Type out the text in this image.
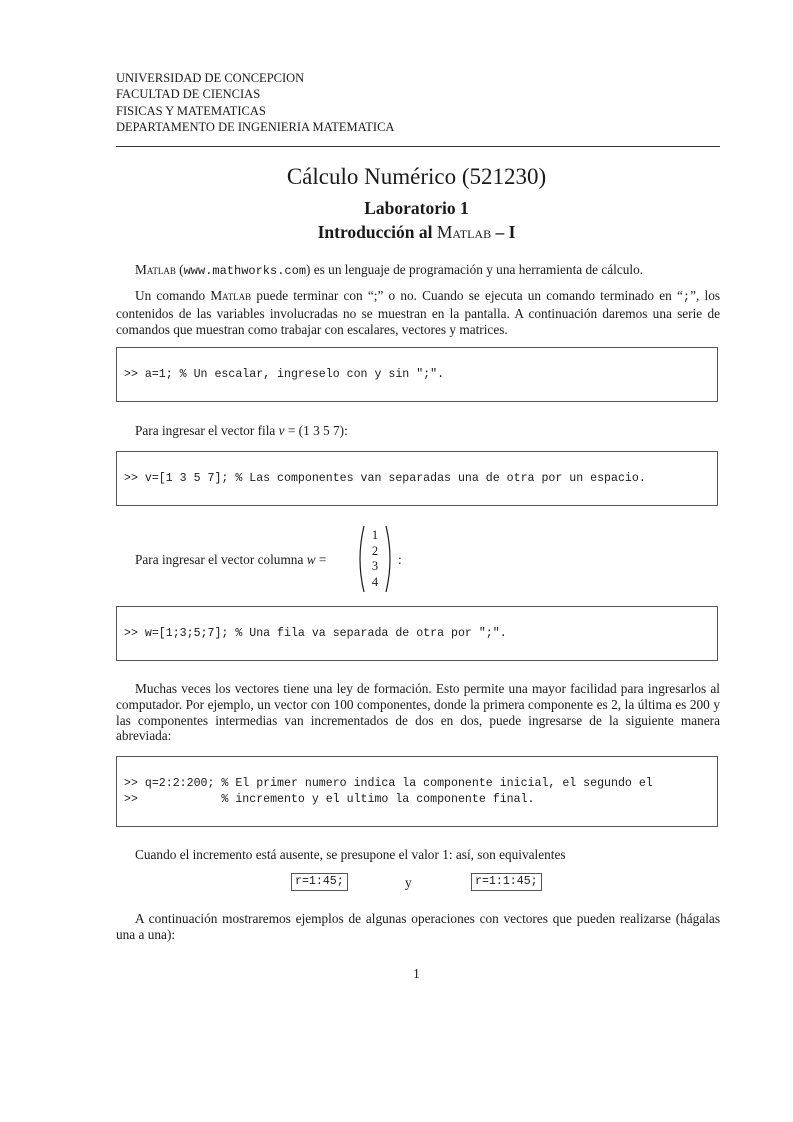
UNIVERSIDAD DE CONCEPCION
FACULTAD DE CIENCIAS
FISICAS Y MATEMATICAS
DEPARTAMENTO DE INGENIERIA MATEMATICA
Cálculo Numérico (521230)
Laboratorio 1
Introducción al Matlab – I
Matlab (www.mathworks.com) es un lenguaje de programación y una herramienta de cálculo.
Un comando Matlab puede terminar con “;” o no. Cuando se ejecuta un comando terminado en “;”, los contenidos de las variables involucradas no se muestran en la pantalla. A continuación daremos una serie de comandos que muestran como trabajar con escalares, vectores y matrices.
>> a=1; % Un escalar, ingreselo con y sin ";".
Para ingresar el vector fila v = (1 3 5 7):
>> v=[1 3 5 7]; % Las componentes van separadas una de otra por un espacio.
Para ingresar el vector columna w =
1
2
3
4
:
>> w=[1;3;5;7]; % Una fila va separada de otra por ";".
Muchas veces los vectores tiene una ley de formación. Esto permite una mayor facilidad para ingresarlos al computador. Por ejemplo, un vector con 100 componentes, donde la primera componente es 2, la última es 200 y las componentes intermedias van incrementados de dos en dos, puede ingresarse de la siguiente manera abreviada:
>> q=2:2:200; % El primer numero indica la componente inicial, el segundo el
>>            % incremento y el ultimo la componente final.
Cuando el incremento está ausente, se presupone el valor 1: así, son equivalentes
r=1:45;	y	r=1:1:45;
A continuación mostraremos ejemplos de algunas operaciones con vectores que pueden realizarse (hágalas una a una):
1
